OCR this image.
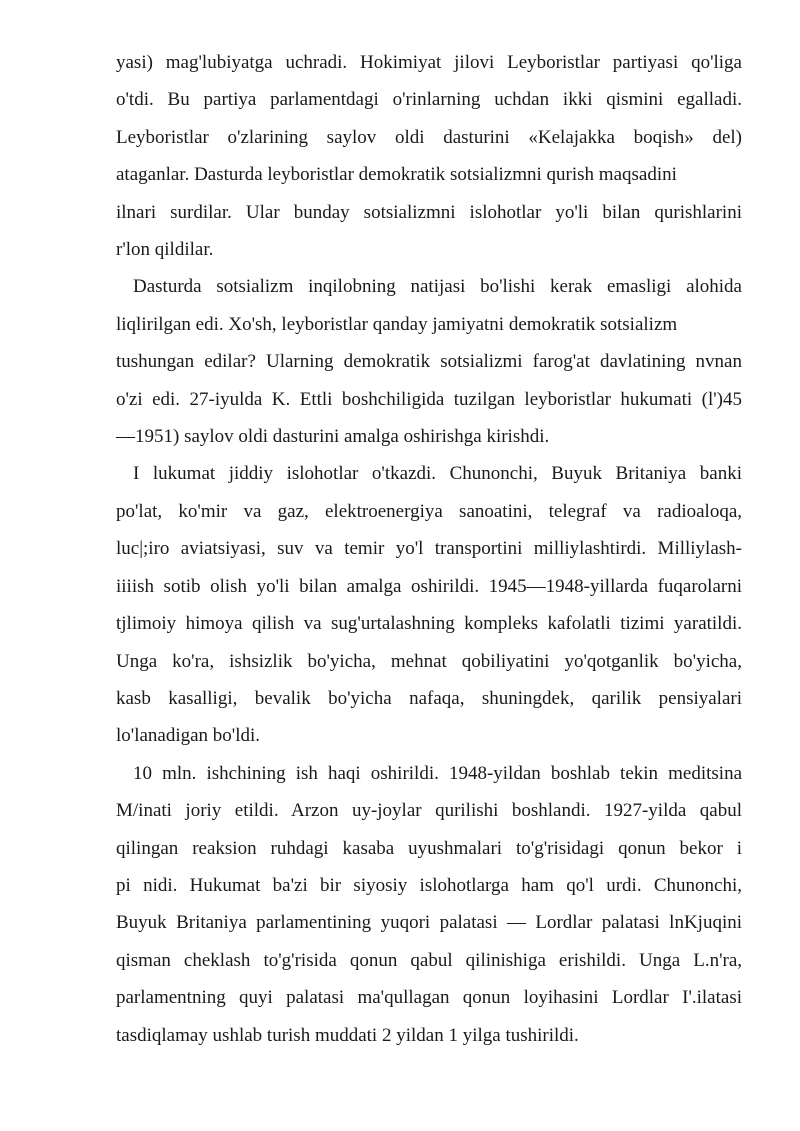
yasi) mag'lubiyatga uchradi. Hokimiyat jilovi Leyboristlar partiyasi qo'liga
o'tdi. Bu partiya parlamentdagi o'rinlarning uchdan ikki qismini egalladi.
Leyboristlar o'zlarining saylov oldi dasturini «Kelajakka boqish» del)
ataganlar. Dasturda leyboristlar demokratik sotsializmni qurish maqsadini
ilnari surdilar. Ular bunday sotsializmni islohotlar yo'li bilan qurishlarini
r'lon qildilar.

Dasturda sotsializm inqilobning natijasi bo'lishi kerak emasligi alohida
liqlirilgan edi. Xo'sh, leyboristlar qanday jamiyatni demokratik sotsializm
tushungan edilar? Ularning demokratik sotsializmi farog'at davlatining nvnan
o'zi edi. 27-iyulda K. Ettli boshchiligida tuzilgan leyboristlar hukumati (l')45
—1951) saylov oldi dasturini amalga oshirishga kirishdi.

I lukumat jiddiy islohotlar o'tkazdi. Chunonchi, Buyuk Britaniya banki
po'lat, ko'mir va gaz, elektroenergiya sanoatini, telegraf va radioaloqa,
luc|;iro aviatsiyasi, suv va temir yo'l transportini milliylashtirdi. Milliylash-
iiiish sotib olish yo'li bilan amalga oshirildi. 1945—1948-yillarda fuqarolarni
tjlimoiy himoya qilish va sug'urtalashning kompleks kafolatli tizimi yaratildi.
Unga ko'ra, ishsizlik bo'yicha, mehnat qobiliyatini yo'qotganlik bo'yicha,
kasb kasalligi, bevalik bo'yicha nafaqa, shuningdek, qarilik pensiyalari
lo'lanadigan bo'ldi.

10 mln. ishchining ish haqi oshirildi. 1948-yildan boshlab tekin meditsina
M/inati joriy etildi. Arzon uy-joylar qurilishi boshlandi. 1927-yilda qabul
qilingan reaksion ruhdagi kasaba uyushmalari to'g'risidagi qonun bekor i
pi nidi. Hukumat ba'zi bir siyosiy islohotlarga ham qo'l urdi. Chunonchi,
Buyuk Britaniya parlamentining yuqori palatasi — Lordlar palatasi lnKjuqini
qisman cheklash to'g'risida qonun qabul qilinishiga erishildi. Unga L.n'ra,
parlamentning quyi palatasi ma'qullagan qonun loyihasini Lordlar I'.ilatasi
tasdiqlamay ushlab turish muddati 2 yildan 1 yilga tushirildi.
